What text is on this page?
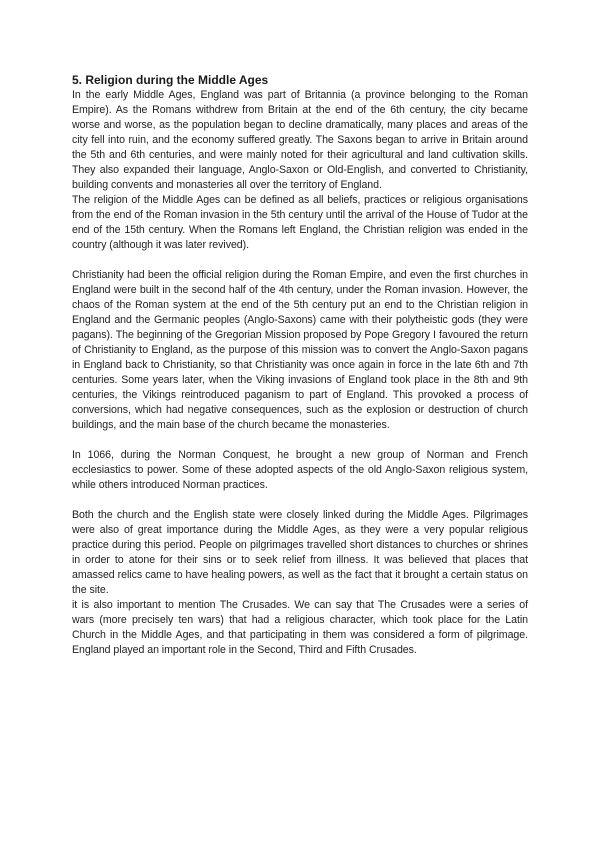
5. Religion during the Middle Ages

In the early Middle Ages, England was part of Britannia (a province belonging to the Roman Empire). As the Romans withdrew from Britain at the end of the 6th century, the city became worse and worse, as the population began to decline dramatically, many places and areas of the city fell into ruin, and the economy suffered greatly. The Saxons began to arrive in Britain around the 5th and 6th centuries, and were mainly noted for their agricultural and land cultivation skills. They also expanded their language, Anglo-Saxon or Old-English, and converted to Christianity, building convents and monasteries all over the territory of England.

The religion of the Middle Ages can be defined as all beliefs, practices or religious organisations from the end of the Roman invasion in the 5th century until the arrival of the House of Tudor at the end of the 15th century. When the Romans left England, the Christian religion was ended in the country (although it was later revived).

Christianity had been the official religion during the Roman Empire, and even the first churches in England were built in the second half of the 4th century, under the Roman invasion. However, the chaos of the Roman system at the end of the 5th century put an end to the Christian religion in England and the Germanic peoples (Anglo-Saxons) came with their polytheistic gods (they were pagans). The beginning of the Gregorian Mission proposed by Pope Gregory I favoured the return of Christianity to England, as the purpose of this mission was to convert the Anglo-Saxon pagans in England back to Christianity, so that Christianity was once again in force in the late 6th and 7th centuries. Some years later, when the Viking invasions of England took place in the 8th and 9th centuries, the Vikings reintroduced paganism to part of England. This provoked a process of conversions, which had negative consequences, such as the explosion or destruction of church buildings, and the main base of the church became the monasteries.

In 1066, during the Norman Conquest, he brought a new group of Norman and French ecclesiastics to power. Some of these adopted aspects of the old Anglo-Saxon religious system, while others introduced Norman practices.

Both the church and the English state were closely linked during the Middle Ages. Pilgrimages were also of great importance during the Middle Ages, as they were a very popular religious practice during this period. People on pilgrimages travelled short distances to churches or shrines in order to atone for their sins or to seek relief from illness. It was believed that places that amassed relics came to have healing powers, as well as the fact that it brought a certain status on the site.

it is also important to mention The Crusades. We can say that The Crusades were a series of wars (more precisely ten wars) that had a religious character, which took place for the Latin Church in the Middle Ages, and that participating in them was considered a form of pilgrimage. England played an important role in the Second, Third and Fifth Crusades.
